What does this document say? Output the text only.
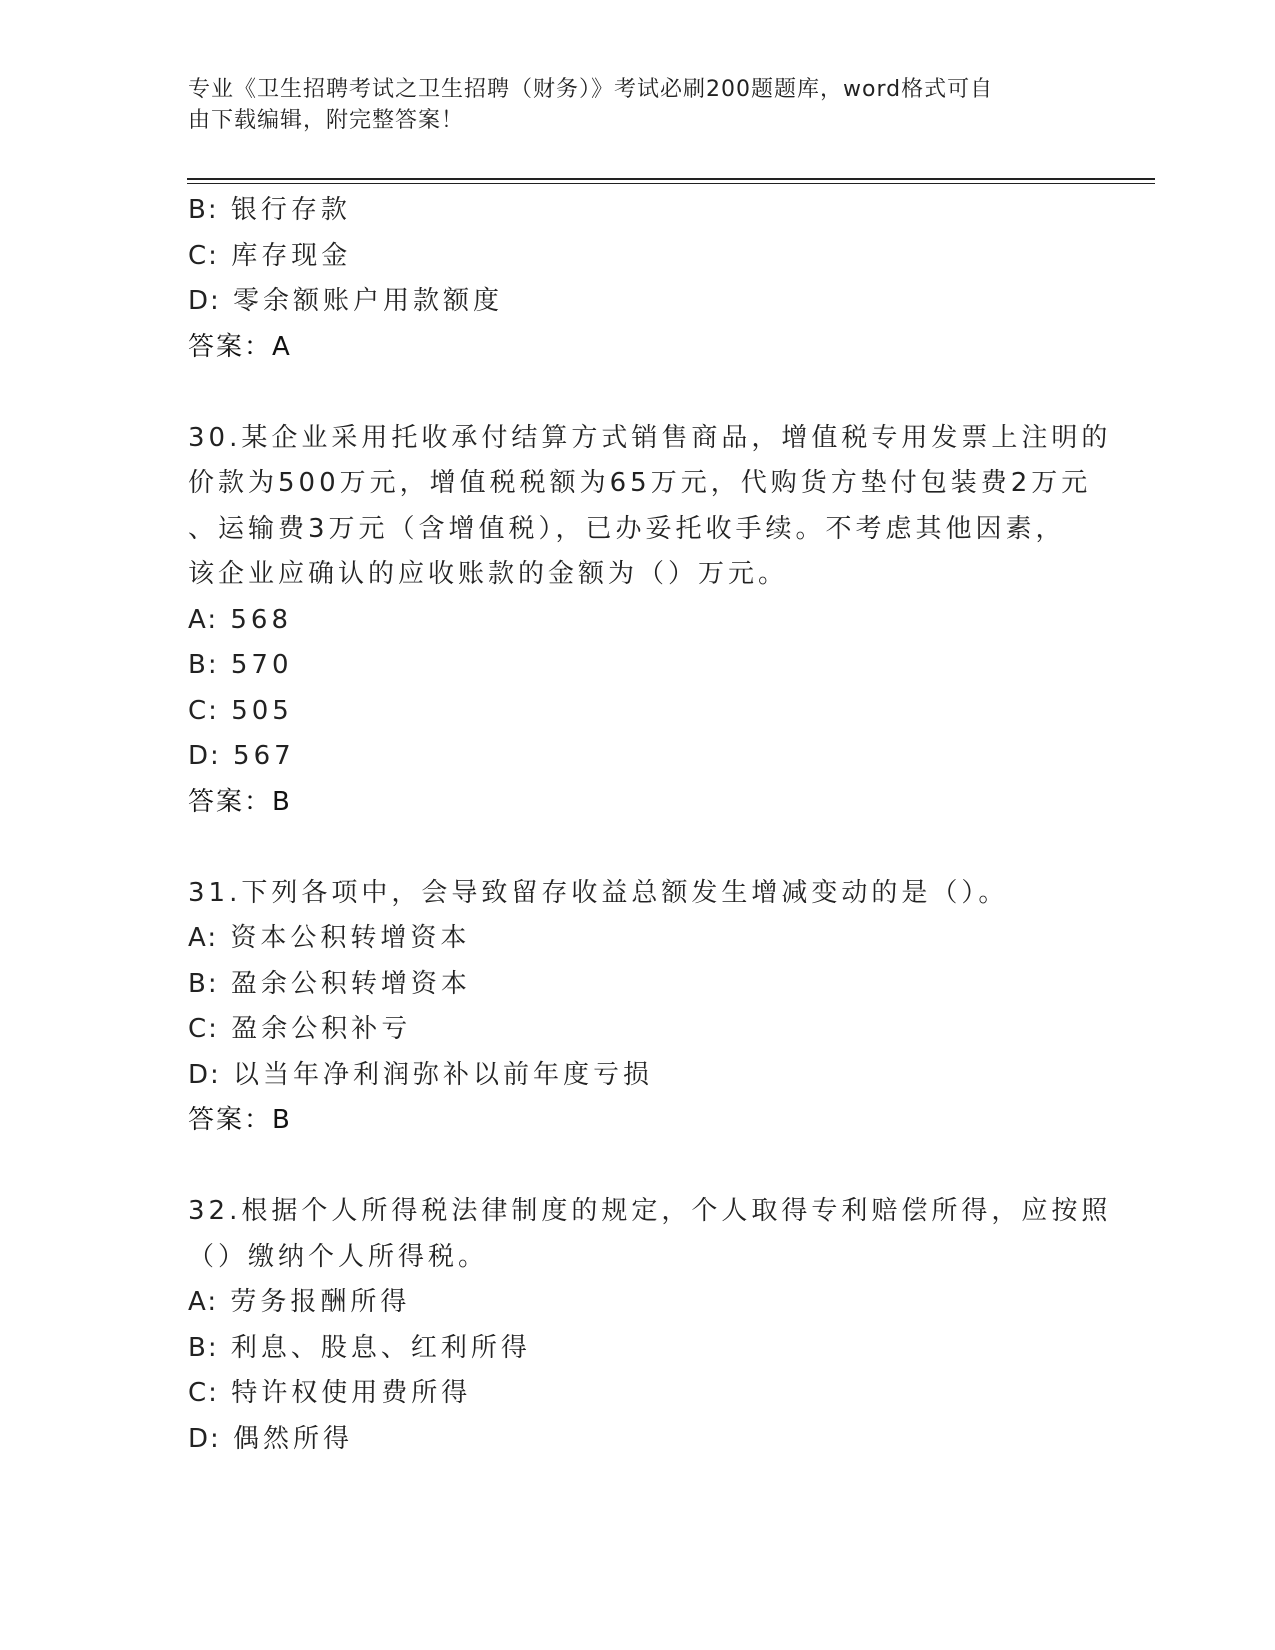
专业《卫生招聘考试之卫生招聘（财务）》考试必刷200题题库，word格式可自
由下载编辑，附完整答案！
B: 银行存款
C: 库存现金
D: 零余额账户用款额度
答案：A
30.某企业采用托收承付结算方式销售商品，增值税专用发票上注明的
价款为500万元，增值税税额为65万元，代购货方垫付包装费2万元
、运输费3万元（含增值税），已办妥托收手续。不考虑其他因素，
该企业应确认的应收账款的金额为（）万元。
A: 568
B: 570
C: 505
D: 567
答案：B
31.下列各项中，会导致留存收益总额发生增减变动的是（）。
A: 资本公积转增资本
B: 盈余公积转增资本
C: 盈余公积补亏
D: 以当年净利润弥补以前年度亏损
答案：B
32.根据个人所得税法律制度的规定，个人取得专利赔偿所得，应按照
（）缴纳个人所得税。
A: 劳务报酬所得
B: 利息、股息、红利所得
C: 特许权使用费所得
D: 偶然所得
